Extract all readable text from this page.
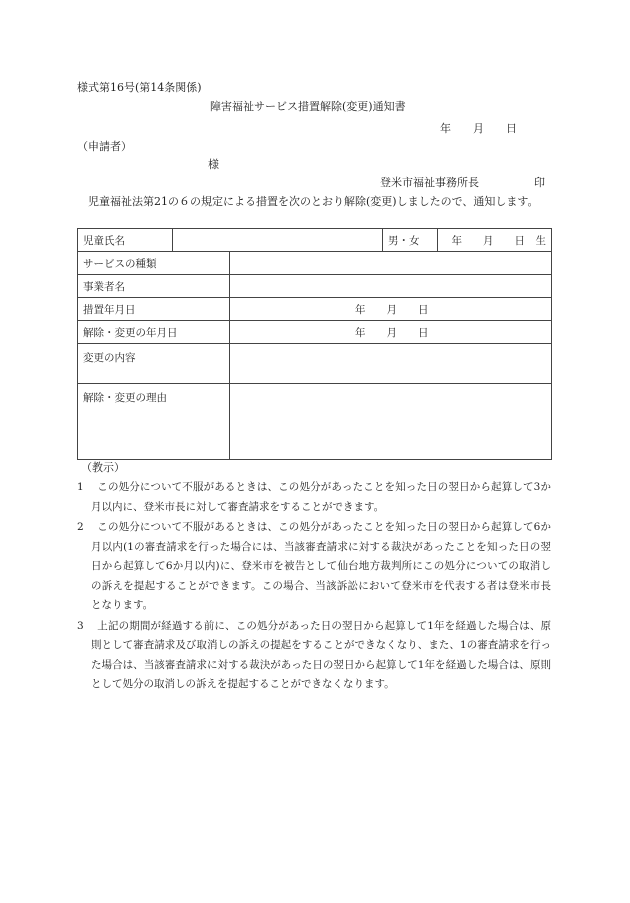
様式第16号(第14条関係)
障害福祉サービス措置解除(変更)通知書
年　　月　　日
（申請者）
様
登米市福祉事務所長	印
児童福祉法第21の６の規定による措置を次のとおり解除(変更)しましたので、通知します。
児童氏名			男・女	年　　月　　日　生
サービスの種類				
事業者名				
措置年月日		年　　月　　日		
解除・変更の年月日		年　　月　　日		
変更の内容				
解除・変更の理由				
（教示）
1	この処分について不服があるときは、この処分があったことを知った日の翌日から起算して3か月以内に、登米市長に対して審査請求をすることができます。
2	この処分について不服があるときは、この処分があったことを知った日の翌日から起算して6か月以内(1の審査請求を行った場合には、当該審査請求に対する裁決があったことを知った日の翌日から起算して6か月以内)に、登米市を被告として仙台地方裁判所にこの処分についての取消しの訴えを提起することができます。この場合、当該訴訟において登米市を代表する者は登米市長となります。
3	上記の期間が経過する前に、この処分があった日の翌日から起算して1年を経過した場合は、原則として審査請求及び取消しの訴えの提起をすることができなくなり、また、1の審査請求を行った場合は、当該審査請求に対する裁決があった日の翌日から起算して1年を経過した場合は、原則として処分の取消しの訴えを提起することができなくなります。
